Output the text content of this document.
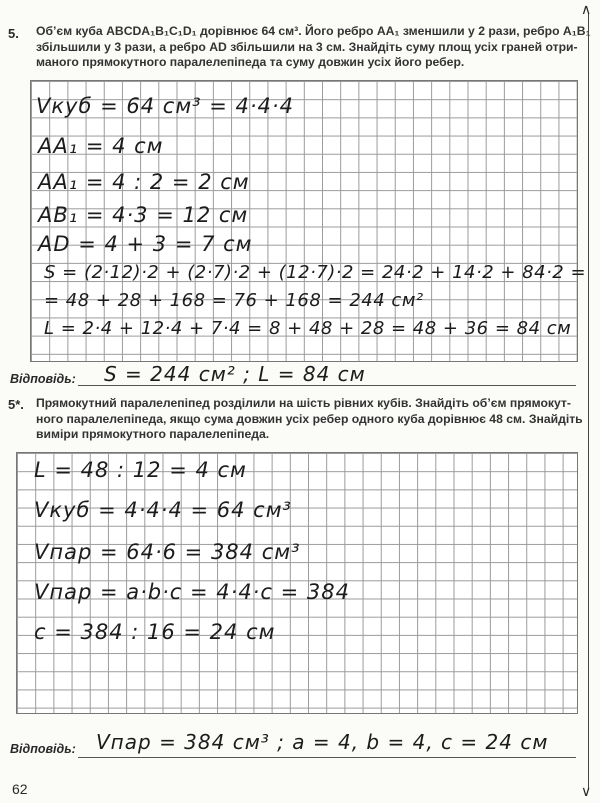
5. Об’єм куба ABCDA₁B₁C₁D₁ дорівнює 64 см³. Його ребро AA₁ зменшили у 2 рази, ребро A₁B₁
збільшили у 3 рази, а ребро AD збільшили на 3 см. Знайдіть суму площ усіх граней отри-
маного прямокутного паралелепіпеда та суму довжин усіх його ребер.
Vкуб = 64 см³ = 4·4·4
AA₁ = 4 см
AA₁ = 4 : 2 = 2 см
AB₁ = 4·3 = 12 см
AD = 4 + 3 = 7 см
S = (2·12)·2 + (2·7)·2 + (12·7)·2 = 24·2 + 14·2 + 84·2 =
= 48 + 28 + 168 = 76 + 168 = 244 см²
L = 2·4 + 12·4 + 7·4 = 8 + 48 + 28 = 48 + 36 = 84 см
Відповідь: S = 244 см² ; L = 84 см
5*. Прямокутний паралелепіпед розділили на шість рівних кубів. Знайдіть об’єм прямокут-
ного паралелепіпеда, якщо сума довжин усіх ребер одного куба дорівнює 48 см. Знайдіть
виміри прямокутного паралелепіпеда.
L = 48 : 12 = 4 см
Vкуб = 4·4·4 = 64 см³
Vпар = 64·6 = 384 см³
Vпар = a·b·c = 4·4·c = 384
c = 384 : 16 = 24 см
Відповідь: Vпар = 384 см³ ; a = 4, b = 4, c = 24 см
∧
∨
62
